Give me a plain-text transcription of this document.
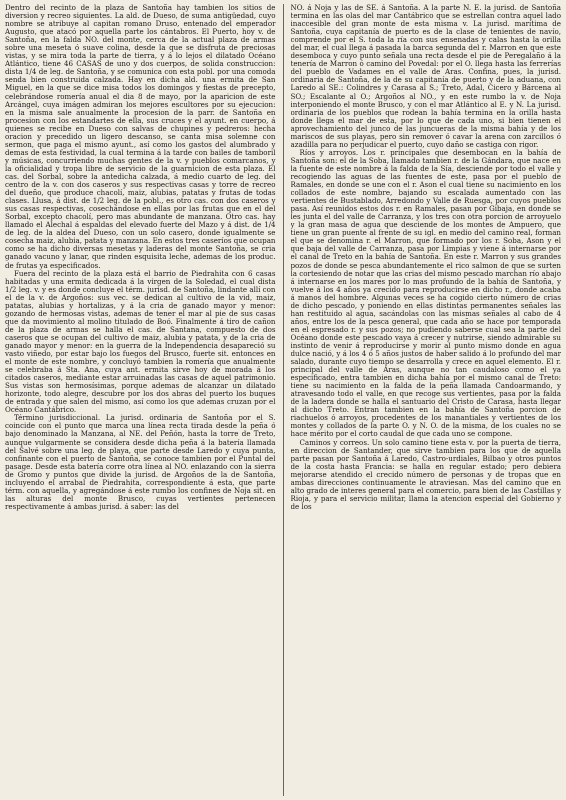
Dentro del recinto de la plaza de Santoña hay tambien los sitios de diversion y recreo siguientes. La ald. de Dueso, de suma antigüedad, cuyo nombre se atribuye al capitan romano Druso, entenado del emperador Augusto, que atacó por aquella parte los cántabros. El Puerto, hoy v. de Santoña, en la falda NO. del monte, cerca de la actual plaza de armas sobre una meseta ó suave colina, desde la que se disfruta de preciosas vistas, y se mira toda la parte de tierra, y á lo lejos el dilatado Océano Atlántico, tiene 46 CASAS de uno y dos cuerpos, de solida construccion: dista 1/4 de leg. de Santoña, y se comunica con esta pobl. por una comoda senda bien construida calzada. Hay en dicha ald. una ermita de San Miguel, en la que se dice misa todos los domingos y fiestas de precepto, celebrándose romería anual el dia 8 de mayo, por la aparicion de este Arcángel, cuya imágen admiran los mejores escultores por su ejecucion: en la misma sale anualmente la procesion de la parr. de Santoña en procesion con los estandartes de ella, sus cruces y el ayunt. en cuerpo, á quienes se recibe en Dueso con salvas de chupines y pedreros: hecha oracion y precedido un ligero descanso, se canta misa solemne con sermon, que paga el mismo ayunt., así como los gastos del alumbrado y demas de esta festividad, la cual termina á la tarde con bailes de tamboril y músicas, concurriendo muchas gentes de la v. y pueblos comarcanos, y la oficialidad y tropa libre de servicio de la guarnicion de esta plaza. El cas. del Sorbal, sobre la antedicha calzada, á medio cuarto de leg. del centro de la v. con dos caseros y sus respectivas casas y torre de recreo del dueño, que produce chacolí, maiz, alubias, patatas y frutas de todas clases. Llusa, á dist. de 1/2 leg. de la pobl., es otro cas. con dos caseros y sus casas respectivas, cosechándose en ellas por las frutas que en el del Sorbal, excepto chacolí, pero mas abundante de manzana. Otro cas. hay llamado el Alechal á espaldas del elevado fuerte del Mazo y á dist. de 1/4 de leg. de la aldea del Dueso, con un solo casero, donde igualmente se cosecha maiz, alubia, patata y manzana. En estos tres caseríos que ocupan como se ha dicho diversas mesetas y laderas del monte Santoña, se cria ganado vacuno y lanar, que rinden esquisita leche, ademas de los produc. de frutas ya especificados.

Fuera del recinto de la plaza está el barrio de Piedrahita con 6 casas habitadas y una ermita dedicada á la virgen de la Soledad, el cual dista 1/2 leg. v. y es donde concluye el térm. jurisd. de Santoña, lindante allí con el de la v. de Argoños: sus vec. se dedican al cultivo de la vid, maiz, patatas, alubias y hortalizas, y á la cria de ganado mayor y menor: gozando de hermosas vistas, ademas de tener el mar al pie de sus casas que da movimiento al molino titulado de Boó. Finalmente á tiro de cañon de la plaza de armas se halla el cas. de Santana, compuesto de dos caseros que se ocupan del cultivo de maiz, alubia y patata, y de la cria de ganado mayor y menor: en la guerra de la Independencia desapareció su vasto viñedo, por estar bajo los fuegos del Brusco, fuerte sit. entonces en el monte de este nombre, y concluyó tambien la romería que anualmente se celebraba á Sta. Ana, cuya ant. ermita sirve hoy de morada á los citados caseros, mediante estar arruinadas las casas de aquel patrimonio. Sus vistas son hermosísimas, porque ademas de alcanzar un dilatado horizonte, todo alegre, descubre por los dos abras del puerto los buques de entrada y que salen del mismo, así como los que ademas cruzan por el Océano Cantábrico.

Término jurisdiccional. La jurisd. ordinaria de Santoña por el S. coincide con el punto que marca una línea recta tirada desde la peña ó bajo denominado la Manzana, al NE. del Peñón, hasta la torre de Treto, aunque vulgarmente se considera desde dicha peña á la batería llamada del Salvé sobre una leg. de playa, que parte desde Laredo y cuya punta, confinante con el puerto de Santoña, se conoce tambien por el Puntal del pasage. Desde esta batería corre otra línea al NO. enlazando con la sierra de Gromo y puntos que divide la jurisd. de Argoños de la de Santoña, incluyendo el arrabal de Piedrahita, correspondiente á esta, que parte térm. con aquella, y agregándose á este rumbo los confines de Noja sit. en las alturas del monte Brusco, cuyas vertientes pertenecen respectivamente á ambas jurisd. á saber: las del

NO. á Noja y las de SE. á Santoña. A la parte N. E. la jurisd. de Santoña termina en las olas del mar Cantábrico que se estrellan contra aquel lado inaccesible del gran monte de esta misma v. La jurisd. marítima de Santoña, cuya capitanía de puerto es de la clase de tenientes de navío, comprende por el S. toda la ría con sus ensenadas y calas hasta la orilla del mar, el cual llega á pasada la barca segunda del r. Marron en que este desemboca y cuyo punto señala una recta desde el pie de Peregalaño á la tenería de Marron ó camino del Povedal: por el O. llega hasta las ferrerías del pueblo de Vadames en el valle de Aras. Confina, pues, la jurisd. ordinaria de Santoña, de la de su capitanía de puerto y de la aduana, con Laredo al SE.: Colindres y Carasa al S.; Treto, Adal, Cicero y Bárcena al SO.; Escalante al O.; Argoños al NO., y en este rumbo la v. de Noja interponiendo el monte Brusco, y con el mar Atlántico al E. y N. La jurisd. ordinaria de los pueblos que rodean la bahía termina en la orilla hasta donde llega el mar de esta, por lo que de cada uno, si bien tienen el aprovechamiento del junco de las juncueras de la misma bahía y de los mariscos de sus playas, pero sin remover ó cavar la arena con zarcillos ó azadilla para no perjudicar el puerto, cuyo daño se castiga con rigor.

Ríos y arroyos. Los r. principales que desembocan en la bahía de Santoña son: el de la Soba, llamado tambien r. de la Gándara, que nace en la fuente de este nombre á la falda de la Sía, desciende por todo el valle y recogiendo las aguas de las fuentes de este, pasa por el pueblo de Ramales, en donde se une con el r. Ason el cual tiene su nacimiento en los collados de este nombre, bajando su escalada aumentado con las vertientes de Bustablado, Arredondo y Valle de Ruesga, por cuyos pueblos pasa. Así reunidos estos dos r. en Ramales, pasan por Gibaja, en donde se les junta el del valle de Carranza, y los tres con otra porcion de arroyuelo y la gran masa de agua que desciende de los montes de Ampuero, que tiene un gran puente al frente de su igl. en medio del camino real, forman el que se denomina r. el Marron, que formado por los r. Soba, Ason y el que baja del valle de Carranza, pasa por Limpias y viene á internarse por el canal de Treto en la bahía de Santoña. En este r. Marron y sus grandes pozos de donde se pesca abundantemente el rico salmon de que se surten la cortesiendo de notar que las crias del mismo pescado marchan río abajo á internarse en los mares por lo mas profundo de la bahía de Santoña, y vuelve á los 4 años ya crecido para reproducirse en dicho r., donde acaba á manos del hombre. Algunas veces se ha cogido cierto número de crias de dicho pescado, y poniendo en ellas distintas permanentes señales las han restituido al agua, sacándolas con las mismas señales al cabo de 4 años, entre los de la pesca general, que cada año se hace por temporada en el espresado r. y sus pozos; no pudiendo saberse cual sea la parte del Océano donde este pescado vaya á crecer y nutrirse, siendo admirable su instinto de venir á reproducirse y morir al punto mismo donde en agua dulce nació, y á los 4 ó 5 años justos de haber salido á lo profundo del mar salado, durante cuyo tiempo se desarrolla y crece en aquel elemento. El r. principal del valle de Aras, aunque no tan caudaloso como el ya especificado, entra tambien en dicha bahía por el mismo canal de Treto: tiene su nacimiento en la falda de la peña llamada Candoarmando, y atravesando todo el valle, en que recoge sus vertientes, pasa por la falda de la ladera donde se halla el santuario del Cristo de Carasa, hasta llegar al dicho Treto. Entran tambien en la bahía de Santoña porcion de riachuelos ó arroyos, procedentes de los manantiales y vertientes de los montes y collados de la parte O. y N. O. de la misma, de los cuales no se hace mérito por el corto caudal de que cada uno se compone.

Caminos y correos. Un solo camino tiene esta v. por la puerta de tierra, en direccion de Santander, que sirve tambien para los que de aquella parte pasan por Santoña á Laredo, Castro-urdiales, Bilbao y otros puntos de la costa hasta Francia: se halla en regular estado; pero debiera mejorarse atendido el crecido número de personas y de tropas que en ambas direcciones continuamente le atraviesan. Mas del camino que en alto grado de interes general para el comercio, para bien de las Castillas y Rioja, y para el servicio militar, llama la atencion especial del Gobierno y de los
